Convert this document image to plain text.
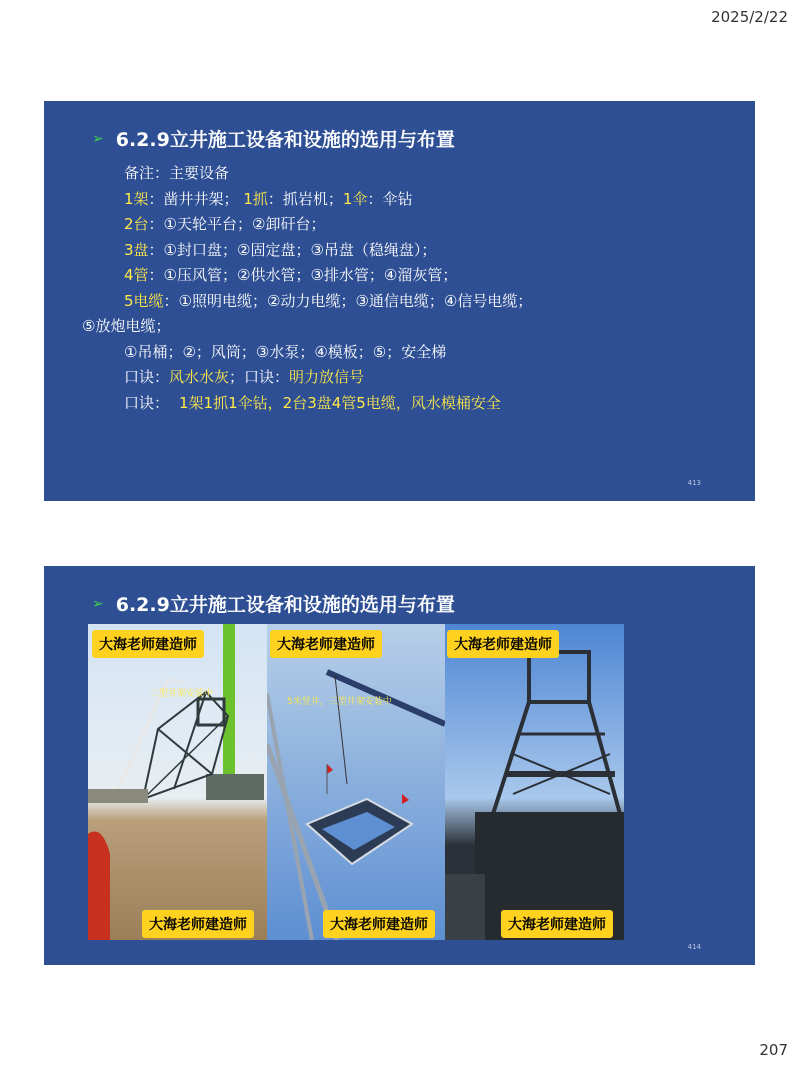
2025/2/22
➢ 6.2.9立井施工设备和设施的选用与布置
备注：主要设备
1架：凿井井架； 1抓：抓岩机；1伞：伞钻
2台：①天轮平台；②卸矸台；
3盘：①封口盘；②固定盘；③吊盘（稳绳盘）；
4管：①压风管；②供水管；③排水管；④溜灰管；
5电缆：①照明电缆；②动力电缆；③通信电缆；④信号电缆；
⑤放炮电缆；
①吊桶；②；风筒；③水泵；④模板；⑤；安全梯
口诀：风水水灰；口诀：明力放信号
口诀： 1架1抓1伞钻，2台3盘4管5电缆，风水模桶安全
413
➢ 6.2.9立井施工设备和设施的选用与布置
大海老师建造师
二型井架安装中
大海老师建造师
大海老师建造师
5米竖井，三型井架安装中
大海老师建造师
大海老师建造师
大海老师建造师
414
207
